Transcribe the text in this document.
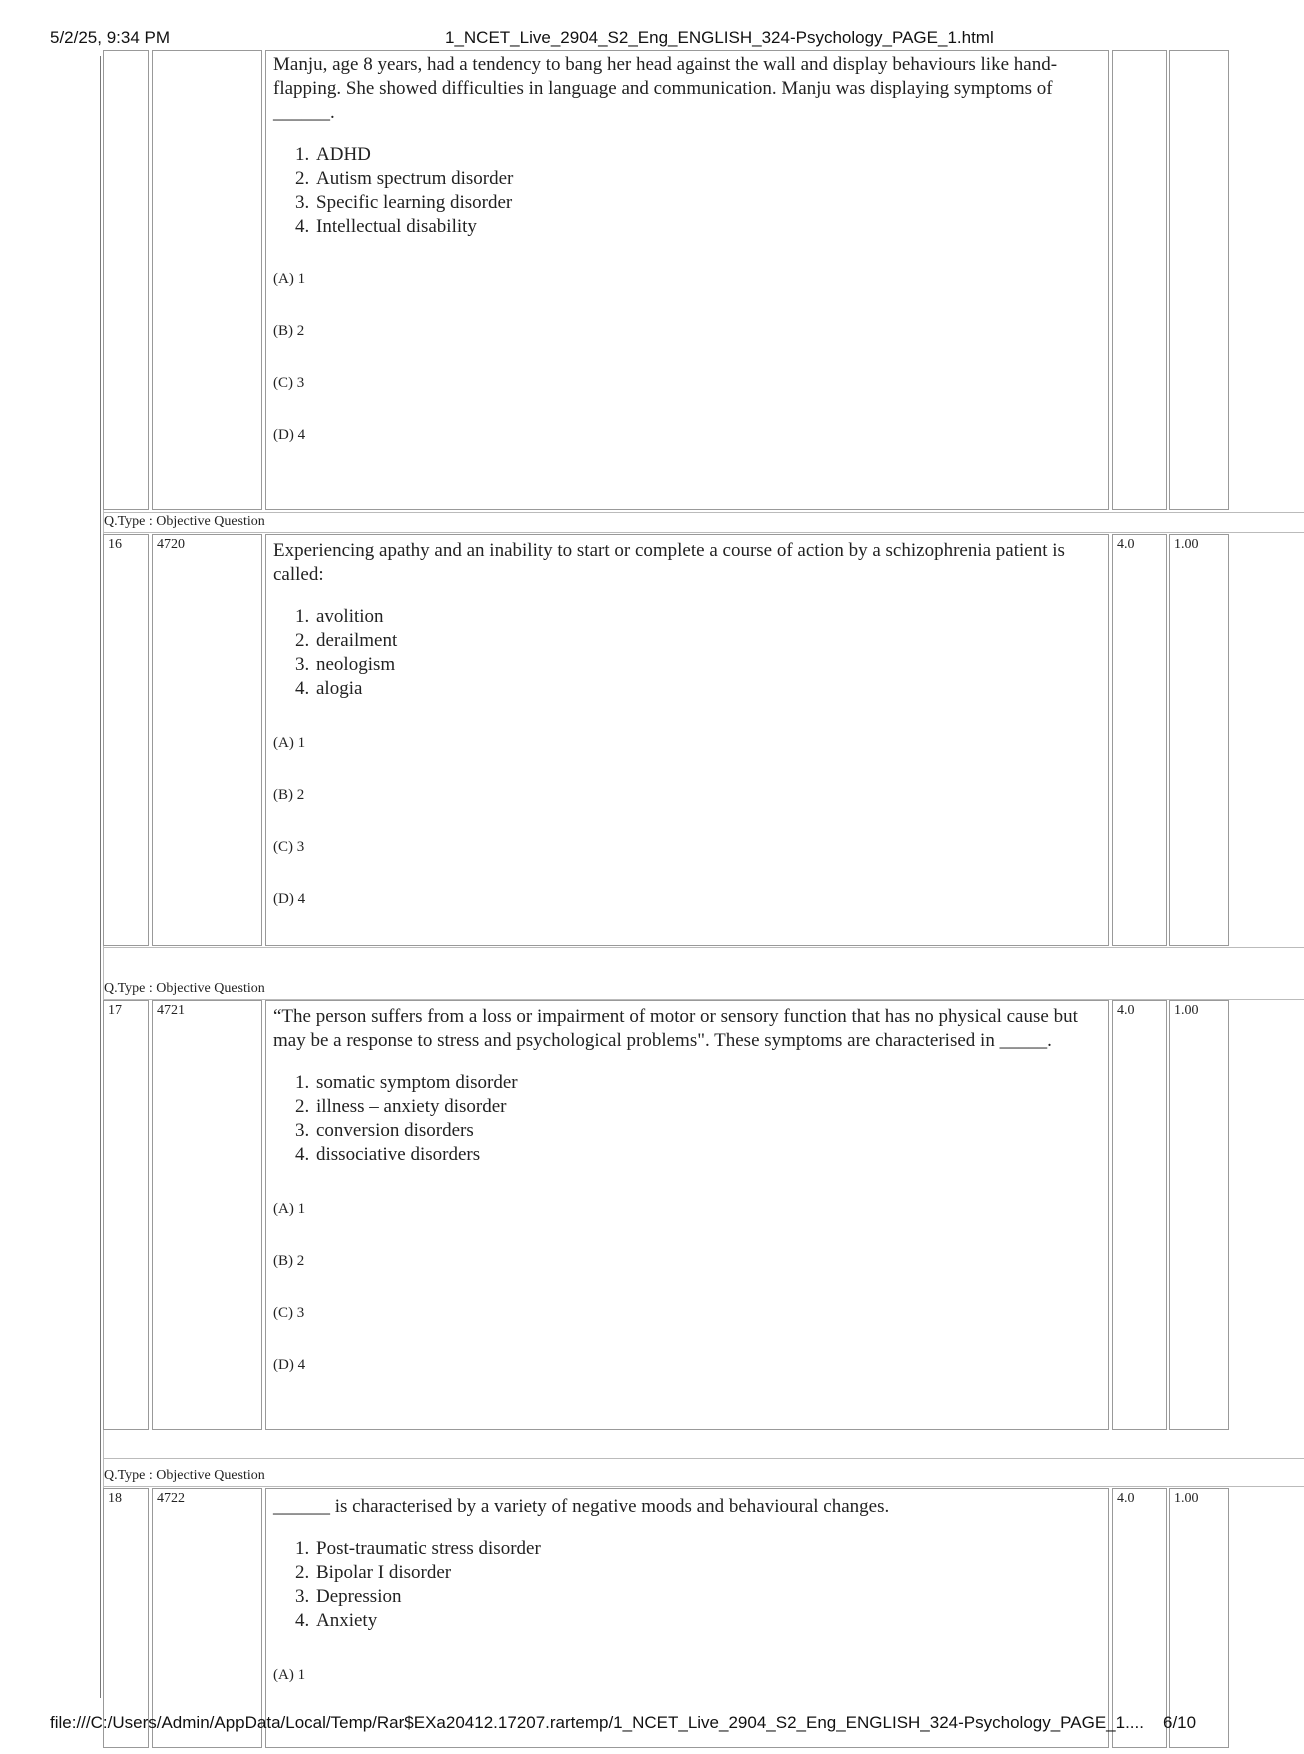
5/2/25, 9:34 PM	1_NCET_Live_2904_S2_Eng_ENGLISH_324-Psychology_PAGE_1.html
Manju, age 8 years, had a tendency to bang her head against the wall and display behaviours like hand-flapping. She showed difficulties in language and communication. Manju was displaying symptoms of ______.
1. ADHD
2. Autism spectrum disorder
3. Specific learning disorder
4. Intellectual disability
(A) 1
(B) 2
(C) 3
(D) 4
Q.Type : Objective Question
16	4720	Experiencing apathy and an inability to start or complete a course of action by a schizophrenia patient is called:
1. avolition
2. derailment
3. neologism
4. alogia
(A) 1
(B) 2
(C) 3
(D) 4
4.0	1.00
Q.Type : Objective Question
17	4721	“The person suffers from a loss or impairment of motor or sensory function that has no physical cause but may be a response to stress and psychological problems". These symptoms are characterised in _____.
1. somatic symptom disorder
2. illness – anxiety disorder
3. conversion disorders
4. dissociative disorders
(A) 1
(B) 2
(C) 3
(D) 4
4.0	1.00
Q.Type : Objective Question
18	4722	______ is characterised by a variety of negative moods and behavioural changes.
1. Post-traumatic stress disorder
2. Bipolar I disorder
3. Depression
4. Anxiety
(A) 1
4.0	1.00
file:///C:/Users/Admin/AppData/Local/Temp/Rar$EXa20412.17207.rartemp/1_NCET_Live_2904_S2_Eng_ENGLISH_324-Psychology_PAGE_1.... 6/10
